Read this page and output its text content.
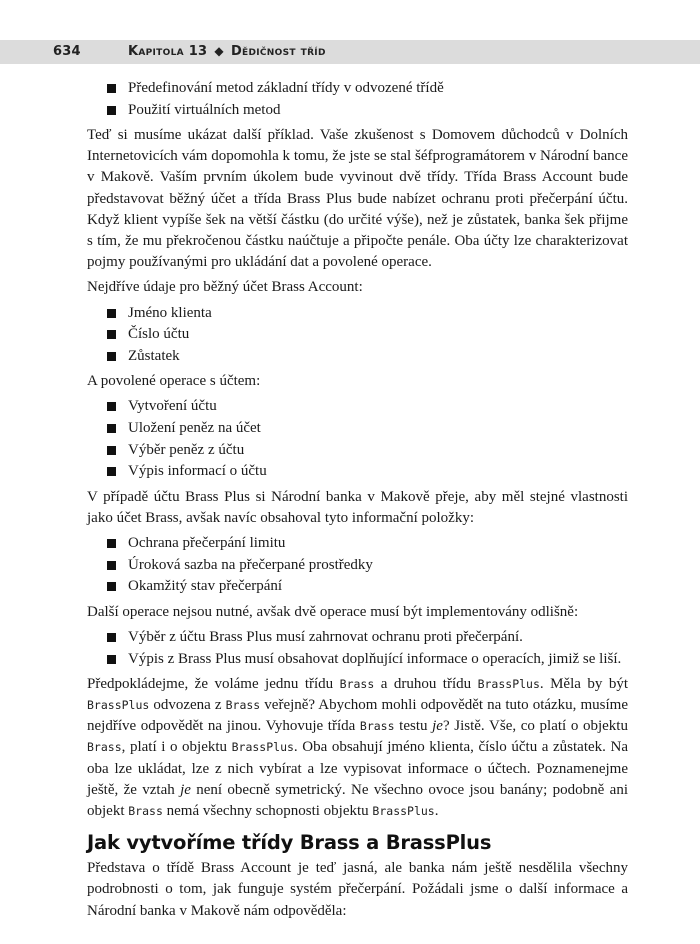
634	Kapitola 13 ◆ Dědičnost tříd
Předefinování metod základní třídy v odvozené třídě
Použití virtuálních metod

Teď si musíme ukázat další příklad. Vaše zkušenost s Domovem důchodců v Dolních Internetovicích vám dopomohla k tomu, že jste se stal šéfprogramátorem v Národní bance v Makově. Vaším prvním úkolem bude vyvinout dvě třídy. Třída Brass Account bude představovat běžný účet a třída Brass Plus bude nabízet ochranu proti přečerpání účtu. Když klient vypíše šek na větší částku (do určité výše), než je zůstatek, banka šek přijme s tím, že mu překročenou částku naúčtuje a připočte penále. Oba účty lze charakterizovat pojmy používanými pro ukládání dat a povolené operace.

Nejdříve údaje pro běžný účet Brass Account:

Jméno klienta
Číslo účtu
Zůstatek

A povolené operace s účtem:

Vytvoření účtu
Uložení peněz na účet
Výběr peněz z účtu
Výpis informací o účtu

V případě účtu Brass Plus si Národní banka v Makově přeje, aby měl stejné vlastnosti jako účet Brass, avšak navíc obsahoval tyto informační položky:

Ochrana přečerpání limitu
Úroková sazba na přečerpané prostředky
Okamžitý stav přečerpání

Další operace nejsou nutné, avšak dvě operace musí být implementovány odlišně:

Výběr z účtu Brass Plus musí zahrnovat ochranu proti přečerpání.
Výpis z Brass Plus musí obsahovat doplňující informace o operacích, jimiž se liší.

Předpokládejme, že voláme jednu třídu Brass a druhou třídu BrassPlus. Měla by být BrassPlus odvozena z Brass veřejně? Abychom mohli odpovědět na tuto otázku, musíme nejdříve odpovědět na jinou. Vyhovuje třída Brass testu je? Jistě. Vše, co platí o objektu Brass, platí i o objektu BrassPlus. Oba obsahují jméno klienta, číslo účtu a zůstatek. Na oba lze ukládat, lze z nich vybírat a lze vypisovat informace o účtech. Poznamenejme ještě, že vztah je není obecně symetrický. Ne všechno ovoce jsou banány; podobně ani objekt Brass nemá všechny schopnosti objektu BrassPlus.

Jak vytvoříme třídy Brass a BrassPlus

Představa o třídě Brass Account je teď jasná, ale banka nám ještě nesdělila všechny podrobnosti o tom, jak funguje systém přečerpání. Požádali jsme o další informace a Národní banka v Makově nám odpověděla:
